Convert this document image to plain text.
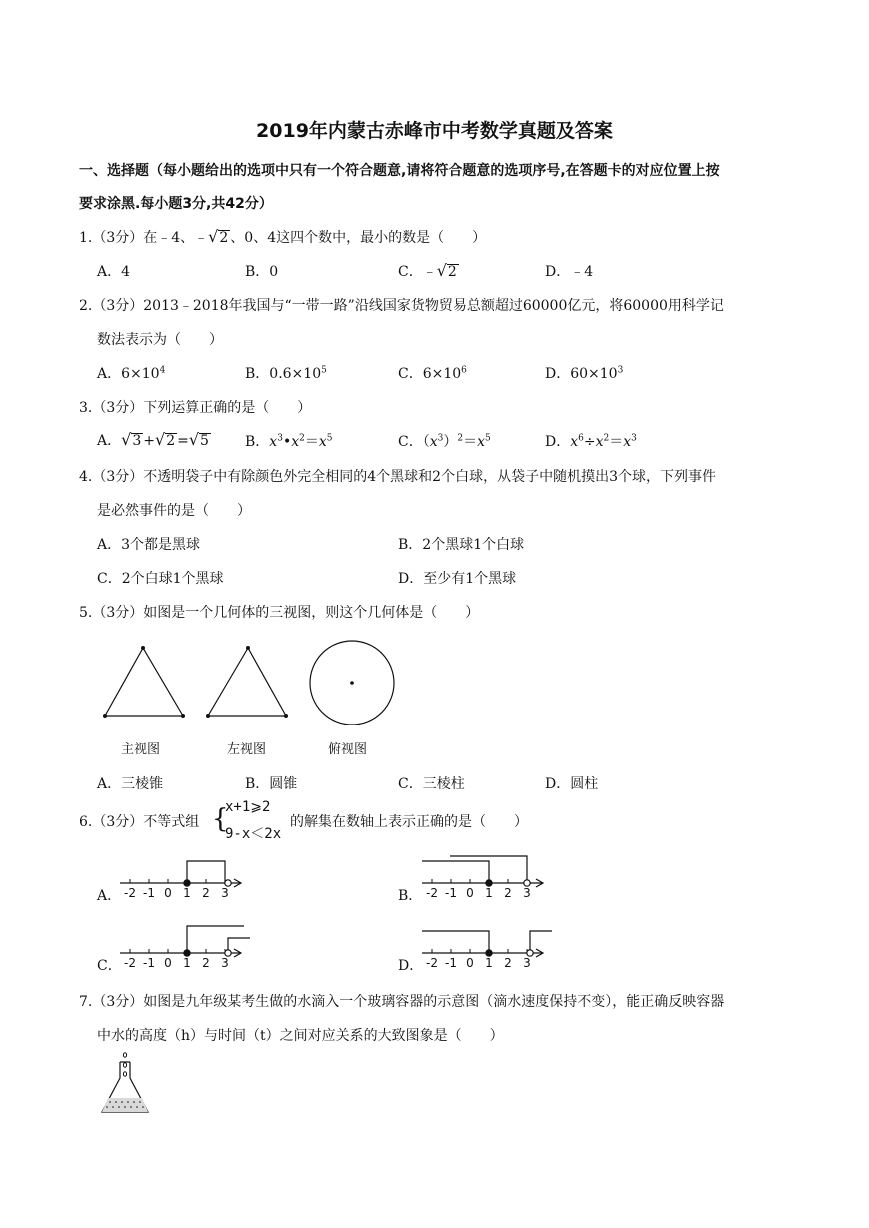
2019年内蒙古赤峰市中考数学真题及答案
一、选择题（每小题给出的选项中只有一个符合题意,请将符合题意的选项序号,在答题卡的对应位置上按
要求涂黑.每小题3分,共42分）
1.（3分）在﹣4、﹣√2 、0、4这四个数中，最小的数是（　　）
A．4	B．0	C．﹣√2	D．﹣4
2.（3分）2013﹣2018年我国与“一带一路”沿线国家货物贸易总额超过60000亿元，将60000用科学记
数法表示为（　　）
A．$6\times 10^4$	B．$0.6\times 10^5$	C．$6\times 10^6$	D．$60\times 10^3$
3.（3分）下列运算正确的是（　　）
A．√3 +√2 =√5	B．$x^3•x^2=x^5$	C．$(x^3)^2=x^5$	D．$x^6\div x^2=x^3$
4.（3分）不透明袋子中有除颜色外完全相同的4个黑球和2个白球，从袋子中随机摸出3个球，下列事件
是必然事件的是（　　）
A．3个都是黑球	B．2个黑球1个白球
C．2个白球1个黑球	D．至少有1个黑球
5.（3分）如图是一个几何体的三视图，则这个几何体是（　　）
主视图	左视图	俯视图
A．三棱锥	B．圆锥	C．三棱柱	D．圆柱
6.（3分）不等式组 {
x+1⩾2
9-x＜2x
的解集在数轴上表示正确的是（　　）
A．	B．
C．	D．
-2 -1 0 1 2 3	-2 -1 0 1 2 3
-2 -1 0 1 2 3	-2 -1 0 1 2 3
7.（3分）如图是九年级某考生做的水滴入一个玻璃容器的示意图（滴水速度保持不变），能正确反映容器
中水的高度（h）与时间（t）之间对应关系的大致图象是（　　）
